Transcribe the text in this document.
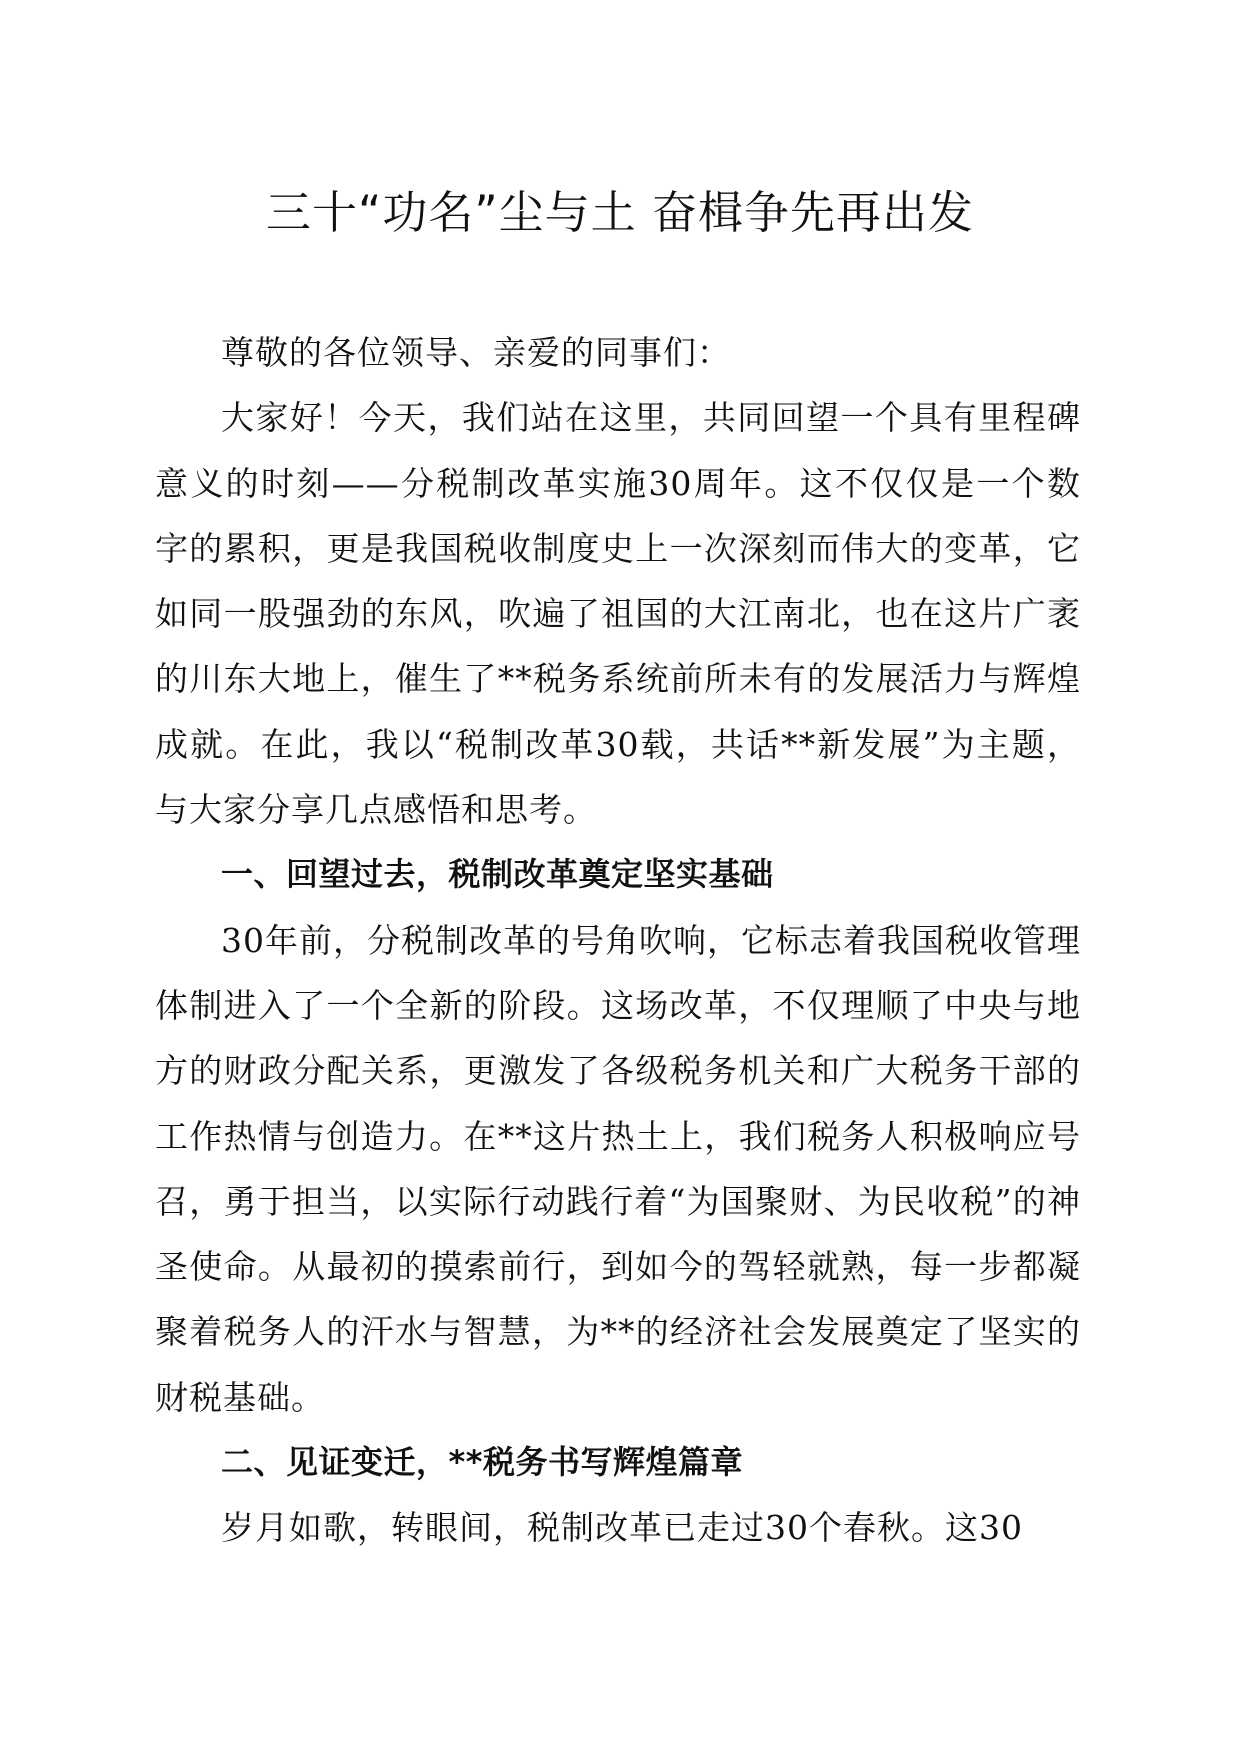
三十“功名”尘与土 奋楫争先再出发

尊敬的各位领导、亲爱的同事们：

大家好！今天，我们站在这里，共同回望一个具有里程碑意义的时刻——分税制改革实施30周年。这不仅仅是一个数字的累积，更是我国税收制度史上一次深刻而伟大的变革，它如同一股强劲的东风，吹遍了祖国的大江南北，也在这片广袤的川东大地上，催生了**税务系统前所未有的发展活力与辉煌成就。在此，我以“税制改革30载，共话**新发展”为主题，与大家分享几点感悟和思考。

一、回望过去，税制改革奠定坚实基础

30年前，分税制改革的号角吹响，它标志着我国税收管理体制进入了一个全新的阶段。这场改革，不仅理顺了中央与地方的财政分配关系，更激发了各级税务机关和广大税务干部的工作热情与创造力。在**这片热土上，我们税务人积极响应号召，勇于担当，以实际行动践行着“为国聚财、为民收税”的神圣使命。从最初的摸索前行，到如今的驾轻就熟，每一步都凝聚着税务人的汗水与智慧，为**的经济社会发展奠定了坚实的财税基础。

二、见证变迁，**税务书写辉煌篇章

岁月如歌，转眼间，税制改革已走过30个春秋。这30
